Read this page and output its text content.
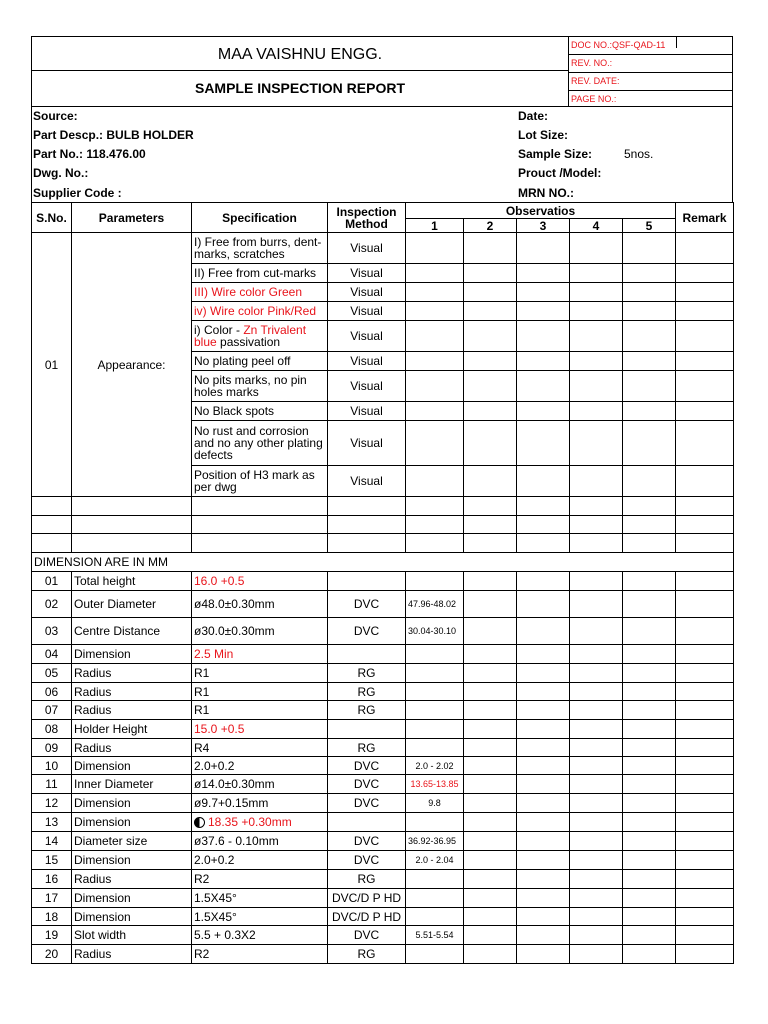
MAA VAISHNU ENGG.
SAMPLE INSPECTION REPORT
DOC NO.:QSF-QAD-11
REV. NO.:
REV. DATE:
PAGE NO.:
Source:
Part Descp.: BULB HOLDER
Part No.: 118.476.00
Dwg. No.:
Supplier Code :
Date:
Lot Size:
Sample Size:	5nos.
Prouct /Model:
MRN NO.:
S.No.	Parameters	Specification	Inspection Method	Observatios					Remark
				1	2	3	4	5	
01	Appearance:	I) Free from burrs, dent-marks, scratches	Visual						
		II) Free from cut-marks	Visual						
		III) Wire color Green	Visual						
		iv) Wire color Pink/Red	Visual						
		i) Color - Zn Trivalent blue passivation	Visual						
		No plating peel off	Visual						
		No pits marks, no pin holes marks	Visual						
		No Black spots	Visual						
		No rust and corrosion and no any other plating defects	Visual						
		Position of H3 mark as per dwg	Visual						

DIMENSION ARE IN MM									
01	Total height	16.0 +0.5							
02	Outer Diameter	ø48.0±0.30mm	DVC	47.96-48.02					
03	Centre Distance	ø30.0±0.30mm	DVC	30.04-30.10					
04	Dimension	2.5 Min							
05	Radius	R1	RG						
06	Radius	R1	RG						
07	Radius	R1	RG						
08	Holder Height	15.0 +0.5							
09	Radius	R4	RG						
10	Dimension	2.0+0.2	DVC	2.0 - 2.02					
11	Inner Diameter	ø14.0±0.30mm	DVC	13.65-13.85					
12	Dimension	ø9.7+0.15mm	DVC	9.8					
13	Dimension	18.35 +0.30mm							
14	Diameter size	ø37.6 - 0.10mm	DVC	36.92-36.95					
15	Dimension	2.0+0.2	DVC	2.0 - 2.04					
16	Radius	R2	RG						
17	Dimension	1.5X45°	DVC/D P HD						
18	Dimension	1.5X45°	DVC/D P HD						
19	Slot width	5.5 + 0.3X2	DVC	5.51-5.54					
20	Radius	R2	RG						
